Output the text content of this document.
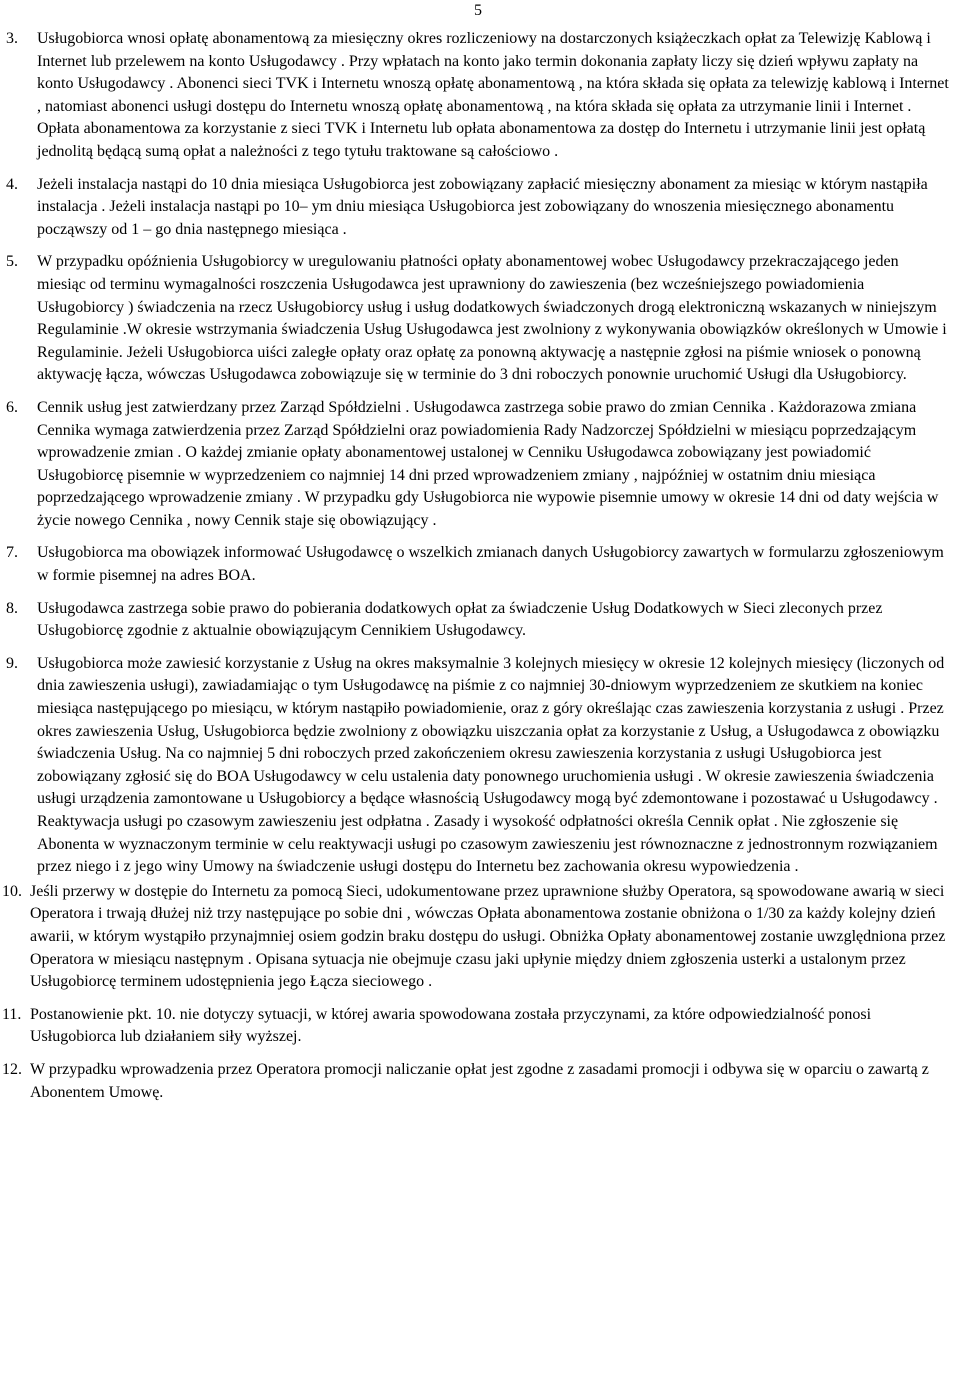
5
3. Usługobiorca wnosi opłatę abonamentową za miesięczny okres rozliczeniowy na dostarczonych książeczkach opłat za Telewizję Kablową i Internet lub przelewem na konto Usługodawcy . Przy wpłatach na konto jako termin dokonania zapłaty liczy się dzień wpływu zapłaty na konto Usługodawcy . Abonenci sieci TVK i Internetu wnoszą opłatę abonamentową , na która składa się opłata za telewizję kablową i Internet , natomiast abonenci usługi dostępu do Internetu wnoszą opłatę abonamentową , na która składa się opłata za utrzymanie linii i Internet . Opłata abonamentowa za korzystanie z sieci TVK i Internetu lub opłata abonamentowa za dostęp do Internetu i utrzymanie linii jest opłatą jednolitą będącą sumą opłat a należności z tego tytułu traktowane są całościowo .

4. Jeżeli instalacja nastąpi do 10 dnia miesiąca Usługobiorca jest zobowiązany zapłacić miesięczny abonament za miesiąc w którym nastąpiła instalacja . Jeżeli instalacja nastąpi po 10– ym dniu miesiąca Usługobiorca jest zobowiązany do wnoszenia miesięcznego abonamentu począwszy od 1 – go dnia następnego miesiąca .

5. W przypadku opóźnienia Usługobiorcy w uregulowaniu płatności opłaty abonamentowej wobec Usługodawcy przekraczającego jeden miesiąc od terminu wymagalności roszczenia Usługodawca jest uprawniony do zawieszenia (bez wcześniejszego powiadomienia Usługobiorcy ) świadczenia na rzecz Usługobiorcy usług i usług dodatkowych świadczonych drogą elektroniczną wskazanych w niniejszym Regulaminie .W okresie wstrzymania świadczenia Usług Usługodawca jest zwolniony z wykonywania obowiązków określonych w Umowie i Regulaminie. Jeżeli Usługobiorca uiści zaległe opłaty oraz opłatę za ponowną aktywację a następnie zgłosi na piśmie wniosek o ponowną aktywację łącza, wówczas Usługodawca zobowiązuje się w terminie do 3 dni roboczych ponownie uruchomić Usługi dla Usługobiorcy.

6. Cennik usług jest zatwierdzany przez Zarząd Spółdzielni . Usługodawca zastrzega sobie prawo do zmian Cennika . Każdorazowa zmiana Cennika wymaga zatwierdzenia przez Zarząd Spółdzielni oraz powiadomienia Rady Nadzorczej Spółdzielni w miesiącu poprzedzającym wprowadzenie zmian . O każdej zmianie opłaty abonamentowej ustalonej w Cenniku Usługodawca zobowiązany jest powiadomić Usługobiorcę pisemnie w wyprzedzeniem co najmniej 14 dni przed wprowadzeniem zmiany , najpóźniej w ostatnim dniu miesiąca poprzedzającego wprowadzenie zmiany . W przypadku gdy Usługobiorca nie wypowie pisemnie umowy w okresie 14 dni od daty wejścia w życie nowego Cennika , nowy Cennik staje się obowiązujący .

7. Usługobiorca ma obowiązek informować Usługodawcę o wszelkich zmianach danych Usługobiorcy zawartych w formularzu zgłoszeniowym w formie pisemnej na adres BOA.

8. Usługodawca zastrzega sobie prawo do pobierania dodatkowych opłat za świadczenie Usług Dodatkowych w Sieci zleconych przez Usługobiorcę zgodnie z aktualnie obowiązującym Cennikiem Usługodawcy.

9. Usługobiorca może zawiesić korzystanie z Usług na okres maksymalnie 3 kolejnych miesięcy w okresie 12 kolejnych miesięcy (liczonych od dnia zawieszenia usługi), zawiadamiając o tym Usługodawcę na piśmie z co najmniej 30-dniowym wyprzedzeniem ze skutkiem na koniec miesiąca następującego po miesiącu, w którym nastąpiło powiadomienie, oraz z góry określając czas zawieszenia korzystania z usługi . Przez okres zawieszenia Usług, Usługobiorca będzie zwolniony z obowiązku uiszczania opłat za korzystanie z Usług, a Usługodawca z obowiązku świadczenia Usług. Na co najmniej 5 dni roboczych przed zakończeniem okresu zawieszenia korzystania z usługi Usługobiorca jest zobowiązany zgłosić się do BOA Usługodawcy w celu ustalenia daty ponownego uruchomienia usługi . W okresie zawieszenia świadczenia usługi urządzenia zamontowane u Usługobiorcy a będące własnością Usługodawcy mogą być zdemontowane i pozostawać u Usługodawcy . Reaktywacja usługi po czasowym zawieszeniu jest odpłatna . Zasady i wysokość odpłatności określa Cennik opłat . Nie zgłoszenie się Abonenta w wyznaczonym terminie w celu reaktywacji usługi po czasowym zawieszeniu jest równoznaczne z jednostronnym rozwiązaniem przez niego i z jego winy Umowy na świadczenie usługi dostępu do Internetu bez zachowania okresu wypowiedzenia .

10. Jeśli przerwy w dostępie do Internetu za pomocą Sieci, udokumentowane przez uprawnione służby Operatora, są spowodowane awarią w sieci Operatora i trwają dłużej niż trzy następujące po sobie dni , wówczas Opłata abonamentowa zostanie obniżona o 1/30 za każdy kolejny dzień awarii, w którym wystąpiło przynajmniej osiem godzin braku dostępu do usługi. Obniżka Opłaty abonamentowej zostanie uwzględniona przez Operatora w miesiącu następnym . Opisana sytuacja nie obejmuje czasu jaki upłynie między dniem zgłoszenia usterki a ustalonym przez Usługobiorcę terminem udostępnienia jego Łącza sieciowego .

11. Postanowienie pkt. 10. nie dotyczy sytuacji, w której awaria spowodowana została przyczynami, za które odpowiedzialność ponosi Usługobiorca lub działaniem siły wyższej.

12. W przypadku wprowadzenia przez Operatora promocji naliczanie opłat jest zgodne z zasadami promocji i odbywa się w oparciu o zawartą z Abonentem Umowę.
